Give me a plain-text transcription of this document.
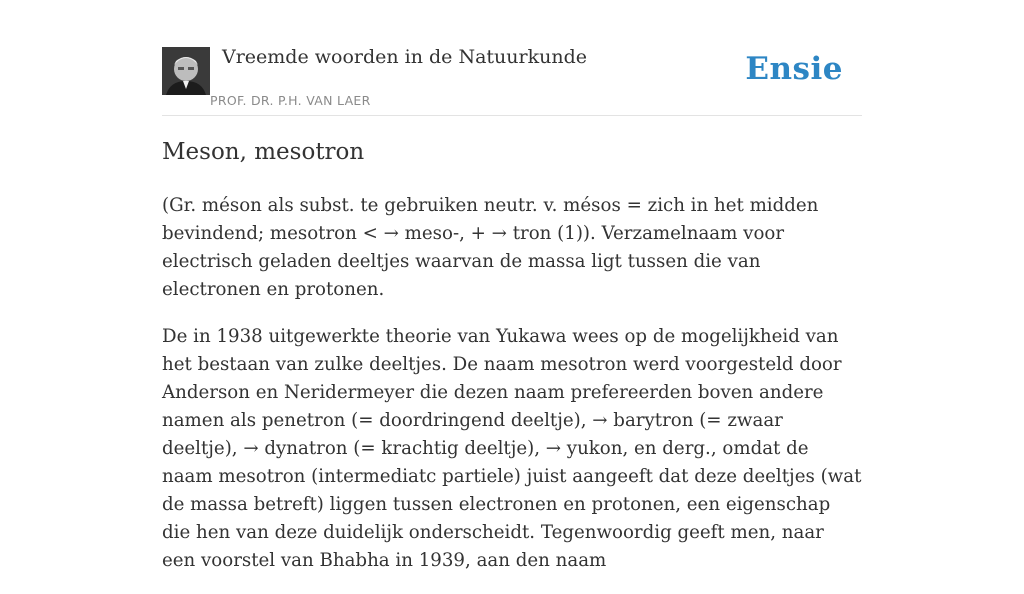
Vreemde woorden in de Natuurkunde
PROF. DR. P.H. VAN LAER
Ensie
Meson, mesotron

(Gr. méson als subst. te gebruiken neutr. v. mésos = zich in het midden bevindend; mesotron < → meso-, + → tron (1)). Verzamelnaam voor electrisch geladen deeltjes waarvan de massa ligt tussen die van electronen en protonen.

De in 1938 uitgewerkte theorie van Yukawa wees op de mogelijkheid van het bestaan van zulke deeltjes. De naam mesotron werd voorgesteld door Anderson en Neridermeyer die dezen naam prefereerden boven andere namen als penetron (= doordringend deeltje), → barytron (= zwaar deeltje), → dynatron (= krachtig deeltje), → yukon, en derg., omdat de naam mesotron (intermediatc partiele) juist aangeeft dat deze deeltjes (wat de massa betreft) liggen tussen electronen en protonen, een eigenschap die hen van deze duidelijk onderscheidt. Tegenwoordig geeft men, naar een voorstel van Bhabha in 1939, aan den naam
